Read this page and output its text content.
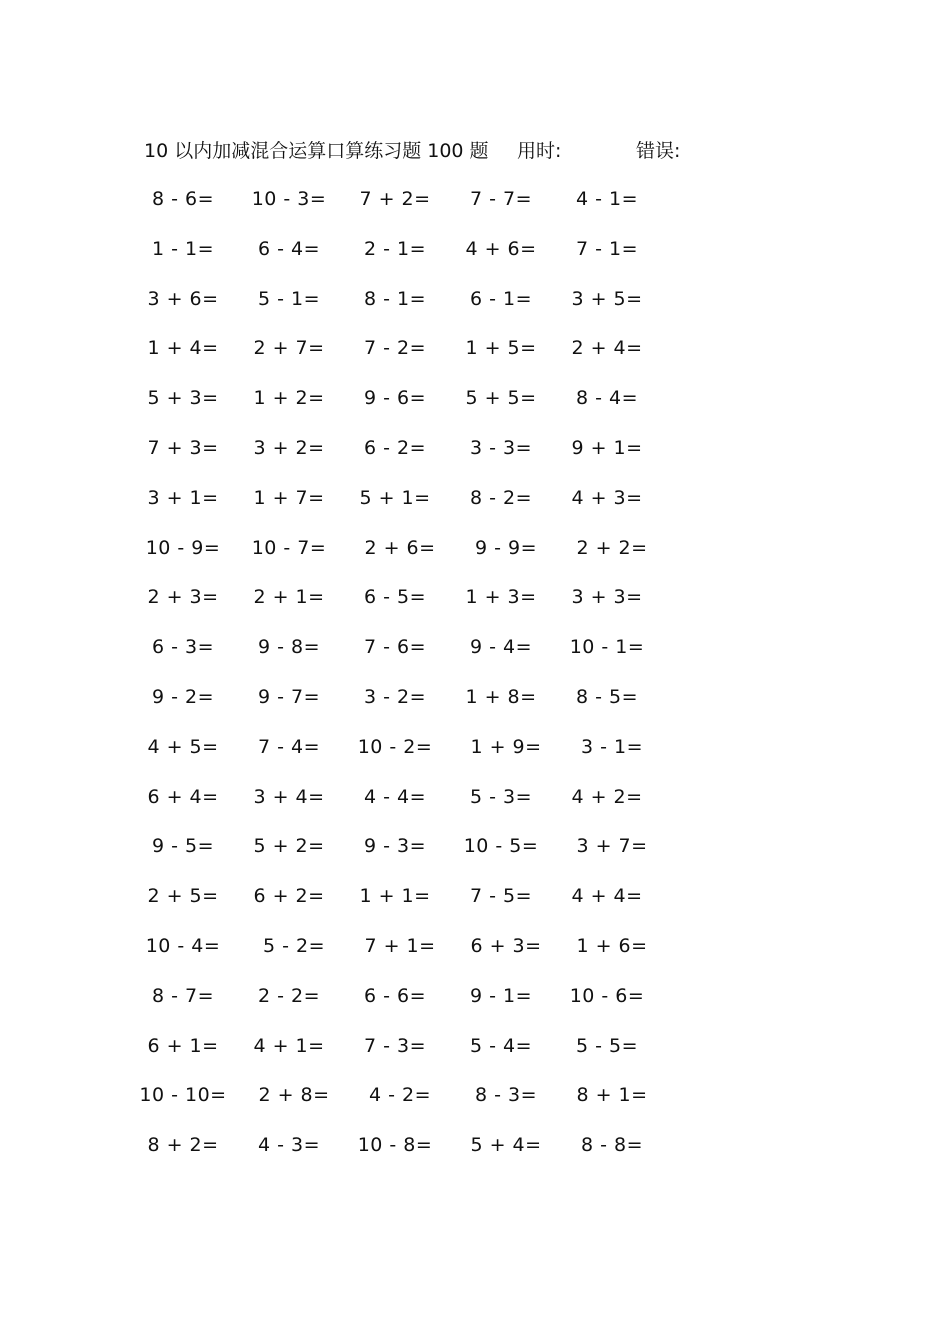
10 以内加减混合运算口算练习题 100 题 用时:	错误:
8 - 6=	10 - 3=	7 + 2=	7 - 7=	4 - 1=
1 - 1=	6 - 4=	2 - 1=	4 + 6=	7 - 1=
3 + 6=	5 - 1=	8 - 1=	6 - 1=	3 + 5=
1 + 4=	2 + 7=	7 - 2=	1 + 5=	2 + 4=
5 + 3=	1 + 2=	9 - 6=	5 + 5=	8 - 4=
7 + 3=	3 + 2=	6 - 2=	3 - 3=	9 + 1=
3 + 1=	1 + 7=	5 + 1=	8 - 2=	4 + 3=
10 - 9=	10 - 7=	2 + 6=	9 - 9=	2 + 2=
2 + 3=	2 + 1=	6 - 5=	1 + 3=	3 + 3=
6 - 3=	9 - 8=	7 - 6=	9 - 4=	10 - 1=
9 - 2=	9 - 7=	3 - 2=	1 + 8=	8 - 5=
4 + 5=	7 - 4=	10 - 2=	1 + 9=	3 - 1=
6 + 4=	3 + 4=	4 - 4=	5 - 3=	4 + 2=
9 - 5=	5 + 2=	9 - 3=	10 - 5=	3 + 7=
2 + 5=	6 + 2=	1 + 1=	7 - 5=	4 + 4=
10 - 4=	5 - 2=	7 + 1=	6 + 3=	1 + 6=
8 - 7=	2 - 2=	6 - 6=	9 - 1=	10 - 6=
6 + 1=	4 + 1=	7 - 3=	5 - 4=	5 - 5=
10 - 10=	2 + 8=	4 - 2=	8 - 3=	8 + 1=
8 + 2=	4 - 3=	10 - 8=	5 + 4=	8 - 8=
